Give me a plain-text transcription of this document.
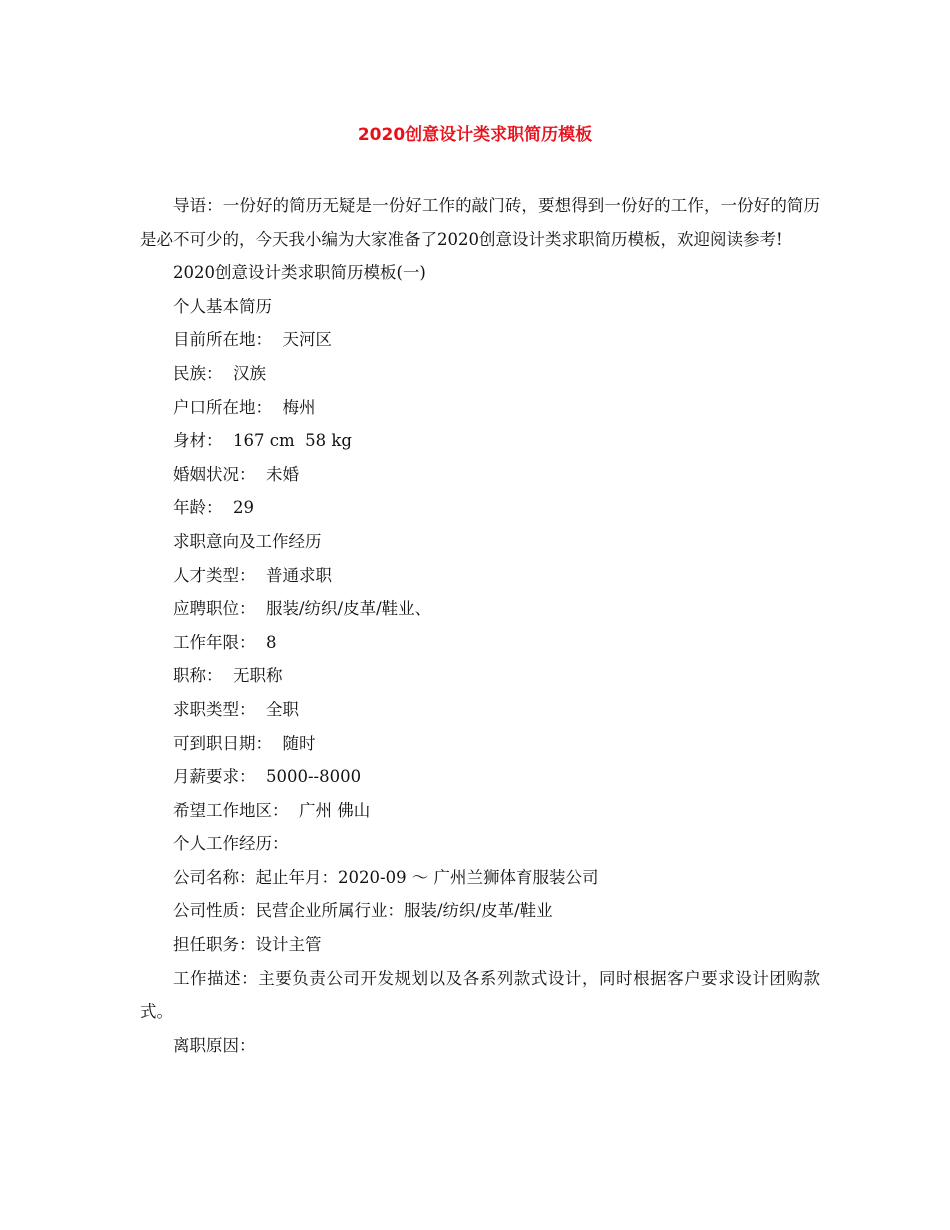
2020创意设计类求职简历模板

导语：一份好的简历无疑是一份好工作的敲门砖，要想得到一份好的工作，一份好的简历是必不可少的，今天我小编为大家准备了2020创意设计类求职简历模板，欢迎阅读参考!

2020创意设计类求职简历模板(一)

个人基本简历

目前所在地：  天河区

民族：  汉族

户口所在地：  梅州

身材：  167 cm  58 kg

婚姻状况：  未婚

年龄：  29

求职意向及工作经历

人才类型：  普通求职

应聘职位：  服装/纺织/皮革/鞋业、

工作年限：  8

职称：  无职称

求职类型：  全职

可到职日期：  随时

月薪要求：  5000--8000

希望工作地区：  广州 佛山

个人工作经历：

公司名称：起止年月：2020-09 ～ 广州兰狮体育服装公司

公司性质：民营企业所属行业：服装/纺织/皮革/鞋业

担任职务：设计主管

工作描述：主要负责公司开发规划以及各系列款式设计，同时根据客户要求设计团购款式。

离职原因：
